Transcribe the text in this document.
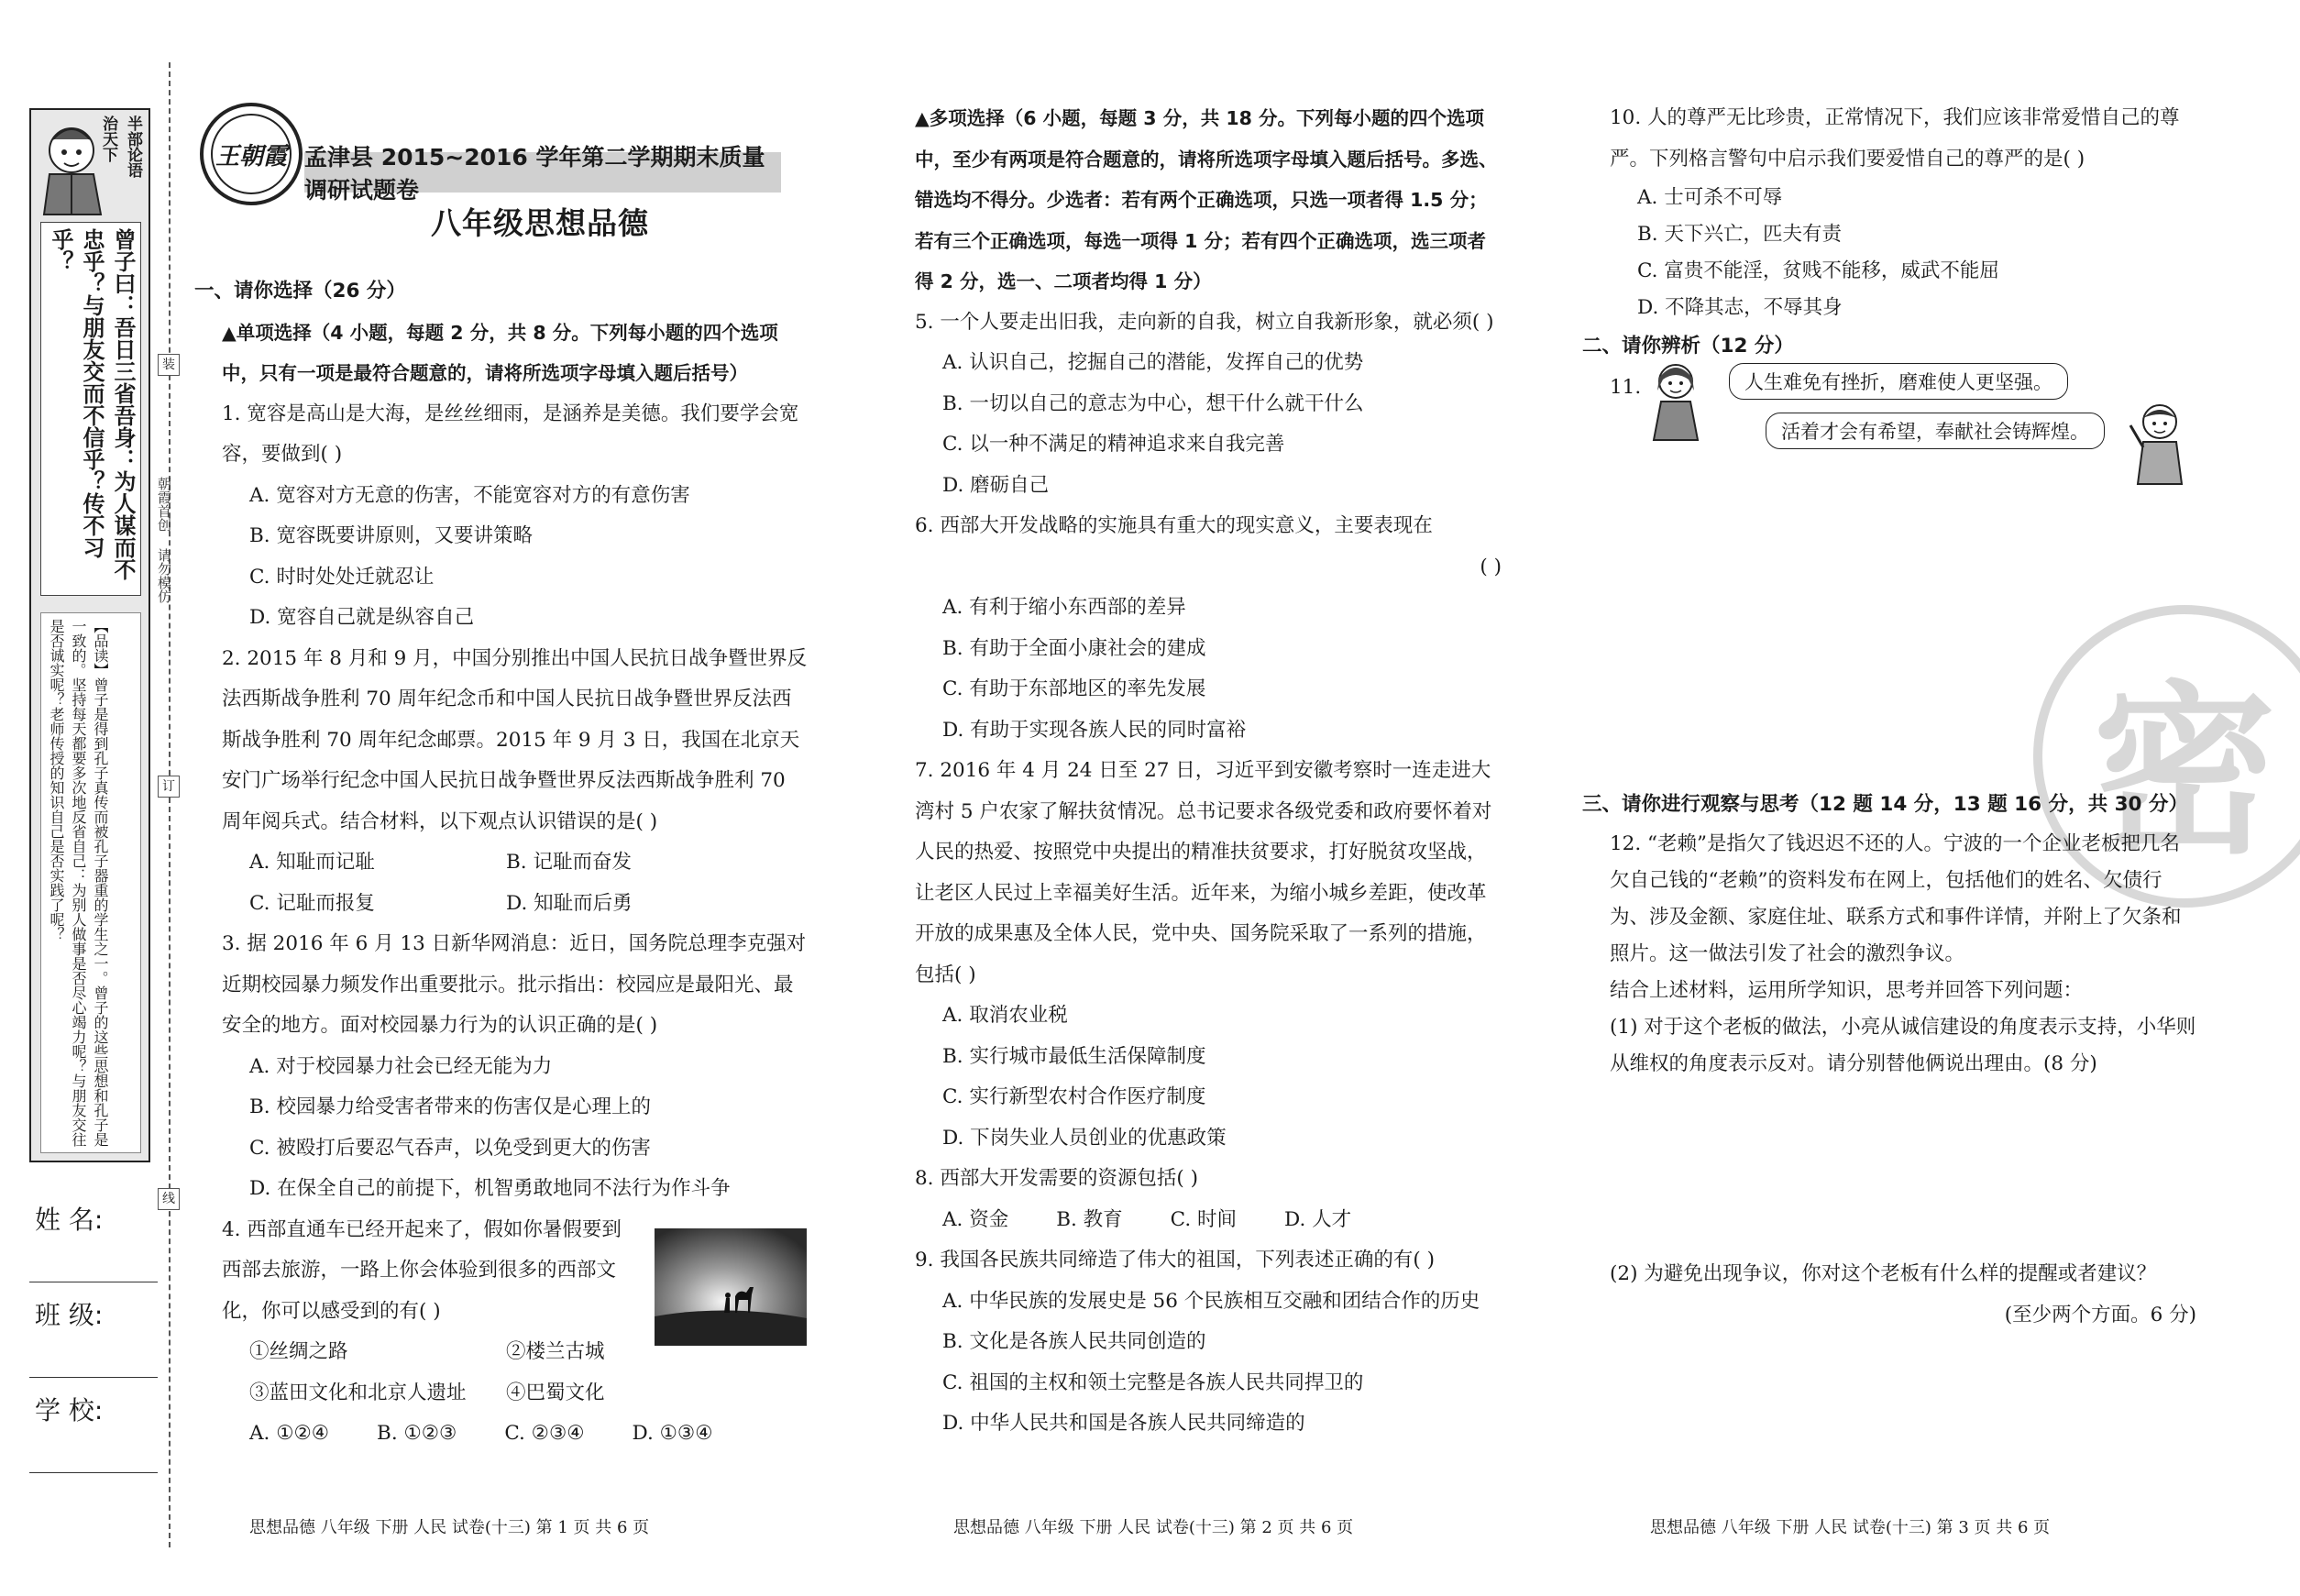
半部论语
治天下
曾子曰：吾日三省吾身：为人谋而不忠乎？与朋友交而不信乎？传不习乎？
【品读】曾子是得到孔子真传而被孔子器重的学生之一。曾子的这些思想和孔子是一致的。坚持每天都要多次地反省自己：为别人做事是否尽心竭力呢？与朋友交往是否诚实呢？老师传授的知识自己是否实践了呢？
姓 名:
班 级:
学 校:
装
订
线
朝霞首创 请勿模仿
王朝霞 孟津县 2015~2016 学年第二学期期末质量调研试题卷
八年级思想品德

一、请你选择（26 分）

▲单项选择（4 小题，每题 2 分，共 8 分。下列每小题的四个选项中，只有一项是最符合题意的，请将所选项字母填入题后括号）

1. 宽容是高山是大海，是丝丝细雨，是涵养是美德。我们要学会宽容，要做到( )

A. 宽容对方无意的伤害，不能宽容对方的有意伤害

B. 宽容既要讲原则，又要讲策略

C. 时时处处迁就忍让

D. 宽容自己就是纵容自己

2. 2015 年 8 月和 9 月，中国分别推出中国人民抗日战争暨世界反法西斯战争胜利 70 周年纪念币和中国人民抗日战争暨世界反法西斯战争胜利 70 周年纪念邮票。2015 年 9 月 3 日，我国在北京天安门广场举行纪念中国人民抗日战争暨世界反法西斯战争胜利 70 周年阅兵式。结合材料，以下观点认识错误的是( )

A. 知耻而记耻	B. 记耻而奋发
C. 记耻而报复	D. 知耻而后勇

3. 据 2016 年 6 月 13 日新华网消息：近日，国务院总理李克强对近期校园暴力频发作出重要批示。批示指出：校园应是最阳光、最安全的地方。面对校园暴力行为的认识正确的是( )

A. 对于校园暴力社会已经无能为力

B. 校园暴力给受害者带来的伤害仅是心理上的

C. 被殴打后要忍气吞声，以免受到更大的伤害

D. 在保全自己的前提下，机智勇敢地同不法行为作斗争

4. 西部直通车已经开起来了，假如你暑假要到西部去旅游，一路上你会体验到很多的西部文化，你可以感受到的有( )

①丝绸之路	②楼兰古城
③蓝田文化和北京人遗址	④巴蜀文化
A. ①②④ B. ①②③ C. ②③④ D. ①③④
思想品德 八年级 下册 人民 试卷(十三) 第 1 页 共 6 页

▲多项选择（6 小题，每题 3 分，共 18 分。下列每小题的四个选项中，至少有两项是符合题意的，请将所选项字母填入题后括号。多选、错选均不得分。少选者：若有两个正确选项，只选一项者得 1.5 分；若有三个正确选项，每选一项得 1 分；若有四个正确选项，选三项者得 2 分，选一、二项者均得 1 分）

5. 一个人要走出旧我，走向新的自我，树立自我新形象，就必须( )

A. 认识自己，挖掘自己的潜能，发挥自己的优势

B. 一切以自己的意志为中心，想干什么就干什么

C. 以一种不满足的精神追求来自我完善

D. 磨砺自己

6. 西部大开发战略的实施具有重大的现实意义，主要表现在

( )

A. 有利于缩小东西部的差异

B. 有助于全面小康社会的建成

C. 有助于东部地区的率先发展

D. 有助于实现各族人民的同时富裕

7. 2016 年 4 月 24 日至 27 日，习近平到安徽考察时一连走进大湾村 5 户农家了解扶贫情况。总书记要求各级党委和政府要怀着对人民的热爱、按照党中央提出的精准扶贫要求，打好脱贫攻坚战，让老区人民过上幸福美好生活。近年来，为缩小城乡差距，使改革开放的成果惠及全体人民，党中央、国务院采取了一系列的措施，包括( )

A. 取消农业税

B. 实行城市最低生活保障制度

C. 实行新型农村合作医疗制度

D. 下岗失业人员创业的优惠政策

8. 西部大开发需要的资源包括( )

A. 资金 B. 教育 C. 时间 D. 人才

9. 我国各民族共同缔造了伟大的祖国，下列表述正确的有( )

A. 中华民族的发展史是 56 个民族相互交融和团结合作的历史

B. 文化是各族人民共同创造的

C. 祖国的主权和领土完整是各族人民共同捍卫的

D. 中华人民共和国是各族人民共同缔造的

思想品德 八年级 下册 人民 试卷(十三) 第 2 页 共 6 页
密

10. 人的尊严无比珍贵，正常情况下，我们应该非常爱惜自己的尊严。下列格言警句中启示我们要爱惜自己的尊严的是( )

A. 士可杀不可辱

B. 天下兴亡，匹夫有责

C. 富贵不能淫，贫贱不能移，威武不能屈

D. 不降其志，不辱其身

二、请你辨析（12 分）

11.	人生难免有挫折，磨难使人更坚强。
活着才会有希望，奉献社会铸辉煌。

三、请你进行观察与思考（12 题 14 分，13 题 16 分，共 30 分）

12. “老赖”是指欠了钱迟迟不还的人。宁波的一个企业老板把几名欠自己钱的“老赖”的资料发布在网上，包括他们的姓名、欠债行为、涉及金额、家庭住址、联系方式和事件详情，并附上了欠条和照片。这一做法引发了社会的激烈争议。

结合上述材料，运用所学知识，思考并回答下列问题：

(1) 对于这个老板的做法，小亮从诚信建设的角度表示支持，小华则从维权的角度表示反对。请分别替他俩说出理由。(8 分)

(2) 为避免出现争议，你对这个老板有什么样的提醒或者建议？

(至少两个方面。6 分)

思想品德 八年级 下册 人民 试卷(十三) 第 3 页 共 6 页
